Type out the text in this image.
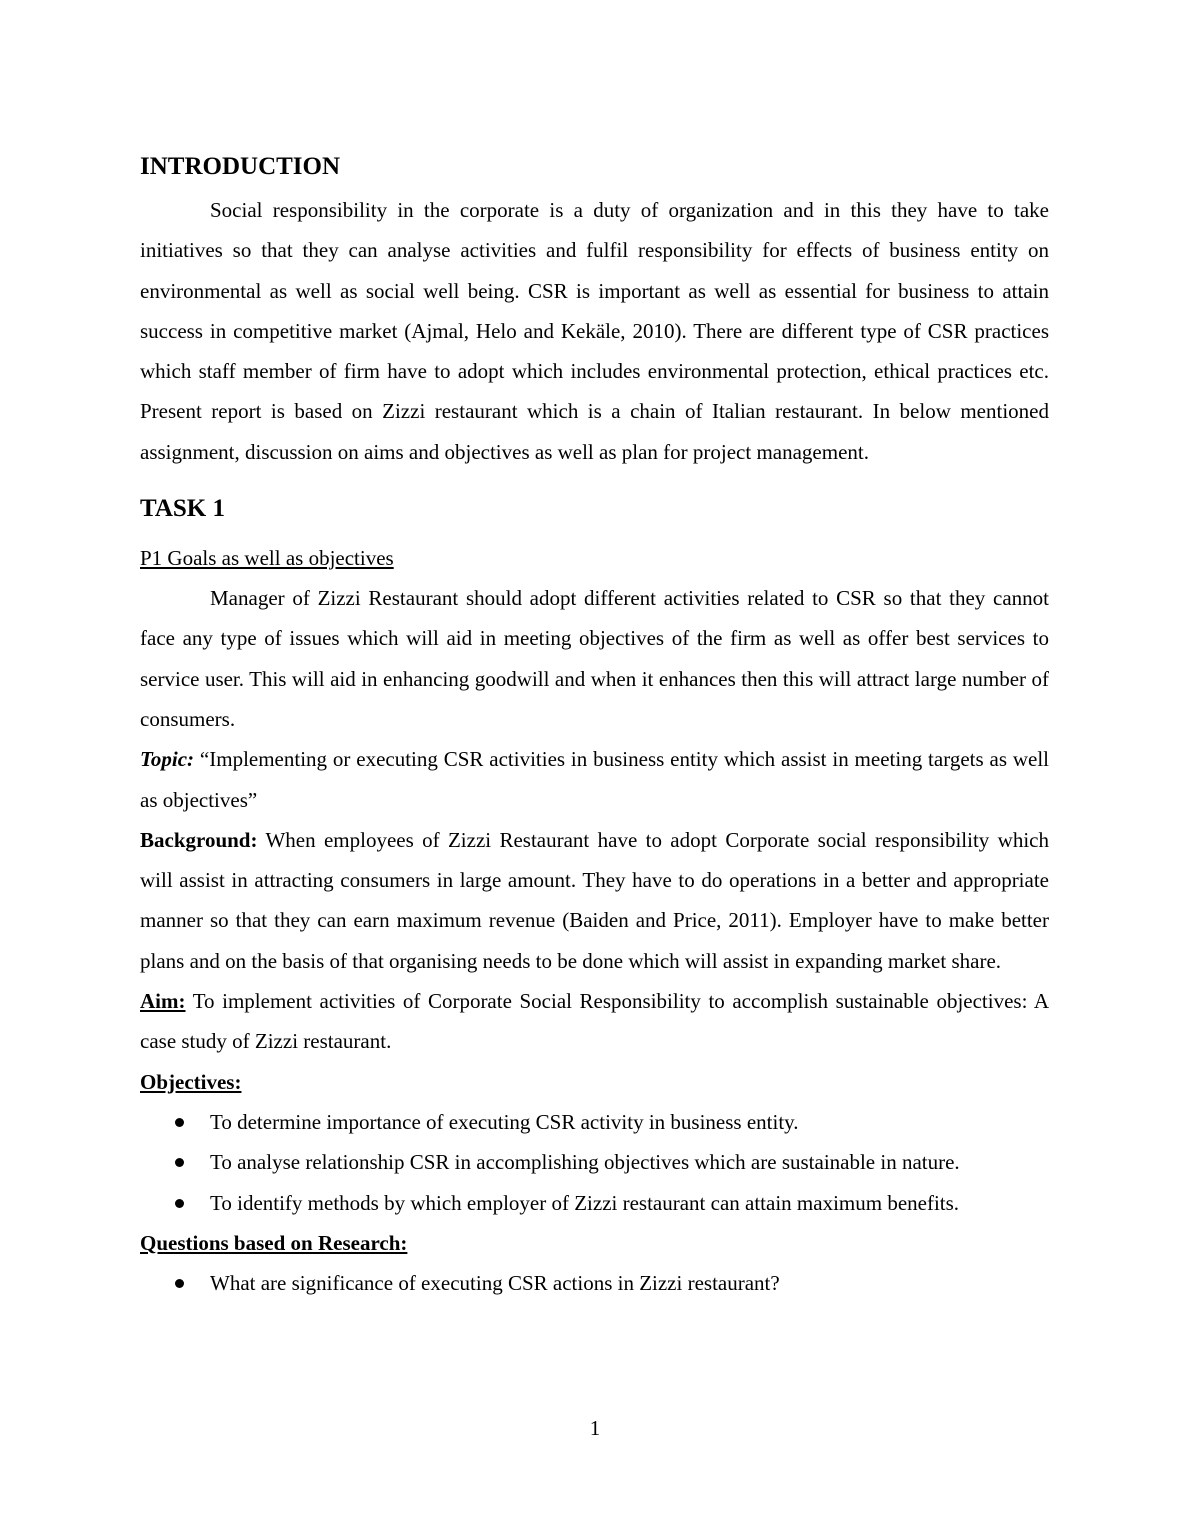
INTRODUCTION

Social responsibility in the corporate is a duty of organization and in this they have to take initiatives so that they can analyse activities and fulfil responsibility for effects of business entity on environmental as well as social well being. CSR is important as well as essential for business to attain success in competitive market (Ajmal, Helo and Kekäle, 2010). There are different type of CSR practices which staff member of firm have to adopt which includes environmental protection, ethical practices etc. Present report is based on Zizzi restaurant which is a chain of Italian restaurant. In below mentioned assignment, discussion on aims and objectives as well as plan for project management.

TASK 1
P1 Goals as well as objectives

Manager of Zizzi Restaurant should adopt different activities related to CSR so that they cannot face any type of issues which will aid in meeting objectives of the firm as well as offer best services to service user. This will aid in enhancing goodwill and when it enhances then this will attract large number of consumers.

Topic: “Implementing or executing CSR activities in business entity which assist in meeting targets as well as objectives”

Background: When employees of Zizzi Restaurant have to adopt Corporate social responsibility which will assist in attracting consumers in large amount. They have to do operations in a better and appropriate manner so that they can earn maximum revenue (Baiden and Price, 2011). Employer have to make better plans and on the basis of that organising needs to be done which will assist in expanding market share.

Aim: To implement activities of Corporate Social Responsibility to accomplish sustainable objectives: A case study of Zizzi restaurant.

Objectives:

To determine importance of executing CSR activity in business entity.
To analyse relationship CSR in accomplishing objectives which are sustainable in nature.
To identify methods by which employer of Zizzi restaurant can attain maximum benefits.

Questions based on Research:

What are significance of executing CSR actions in Zizzi restaurant?
1
